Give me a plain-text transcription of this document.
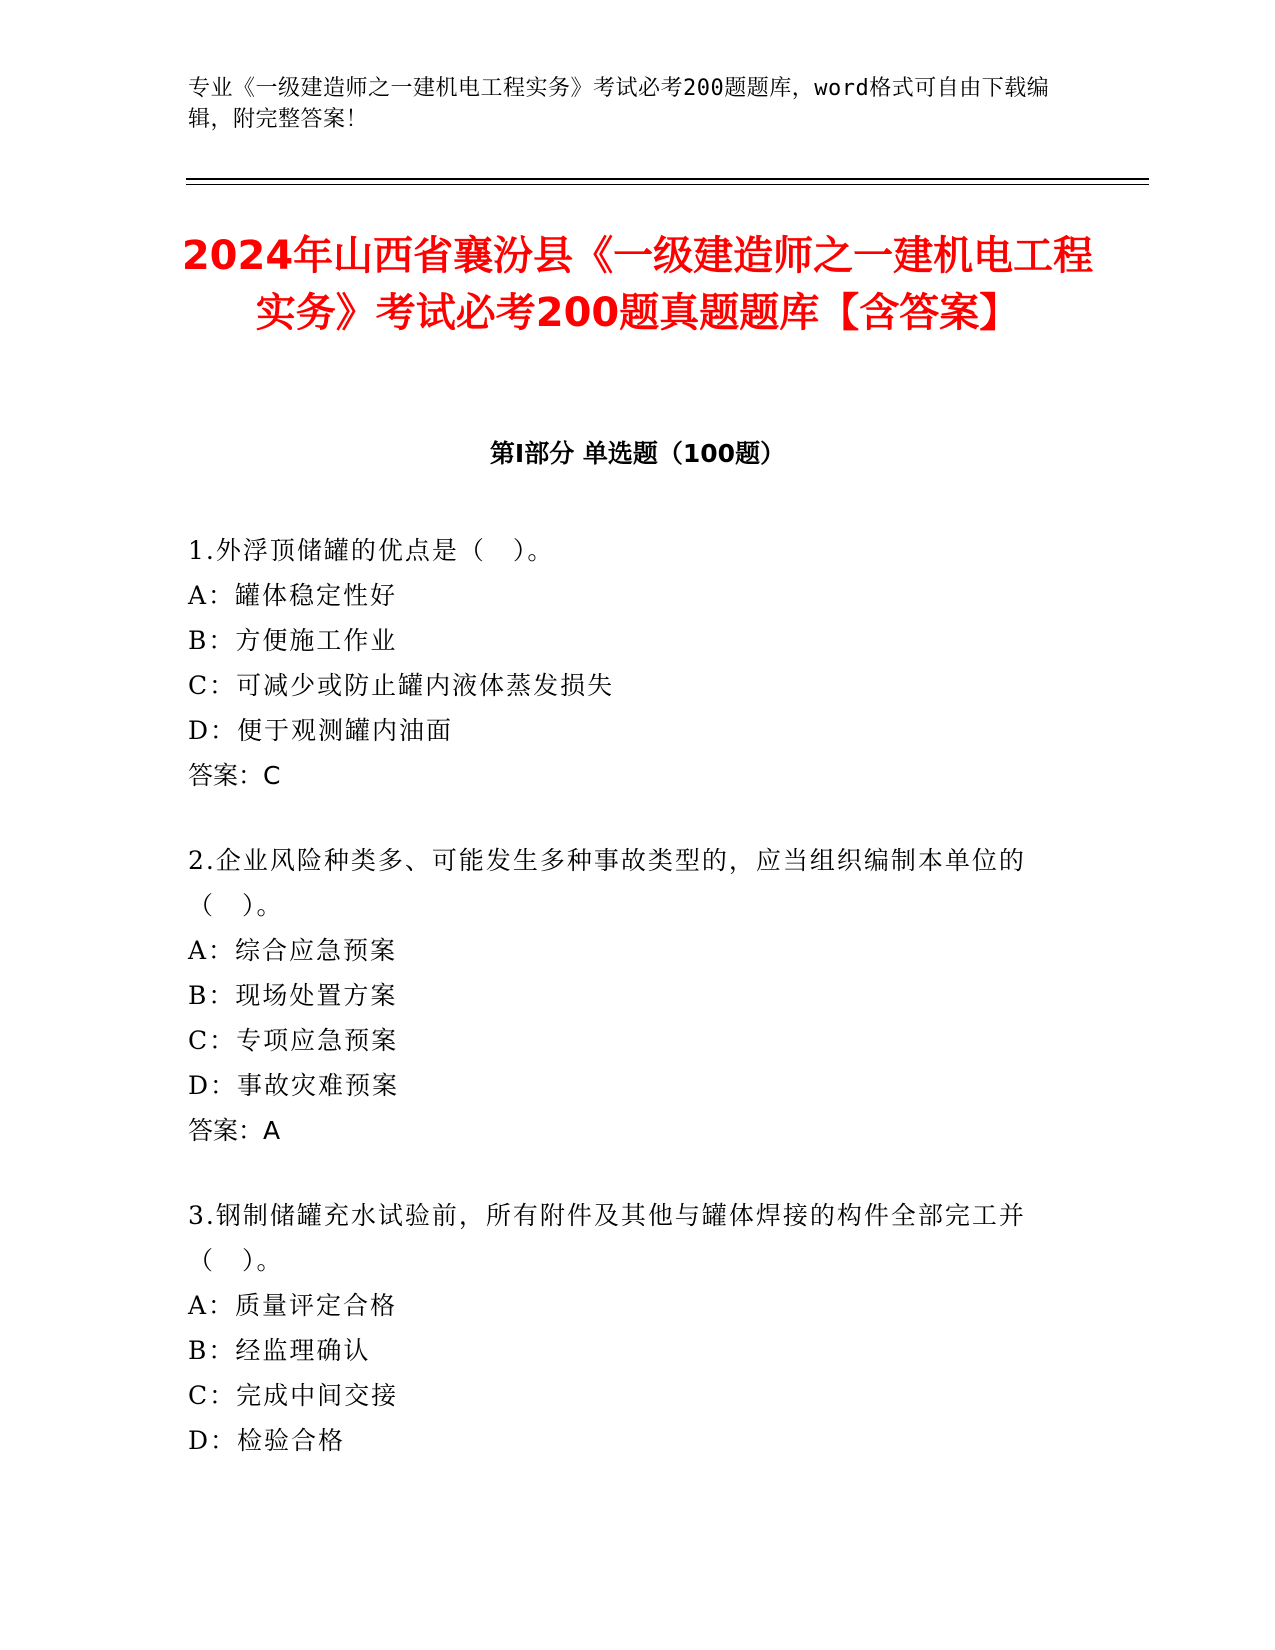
专业《一级建造师之一建机电工程实务》考试必考200题题库，word格式可自由下载编辑，附完整答案！
2024年山西省襄汾县《一级建造师之一建机电工程实务》考试必考200题真题题库【含答案】
第Ⅰ部分 单选题（100题）
1.外浮顶储罐的优点是（　）。
A：罐体稳定性好
B：方便施工作业
C：可减少或防止罐内液体蒸发损失
D：便于观测罐内油面
答案：C
2.企业风险种类多、可能发生多种事故类型的，应当组织编制本单位的（　）。
A：综合应急预案
B：现场处置方案
C：专项应急预案
D：事故灾难预案
答案：A
3.钢制储罐充水试验前，所有附件及其他与罐体焊接的构件全部完工并（　）。
A：质量评定合格
B：经监理确认
C：完成中间交接
D：检验合格
